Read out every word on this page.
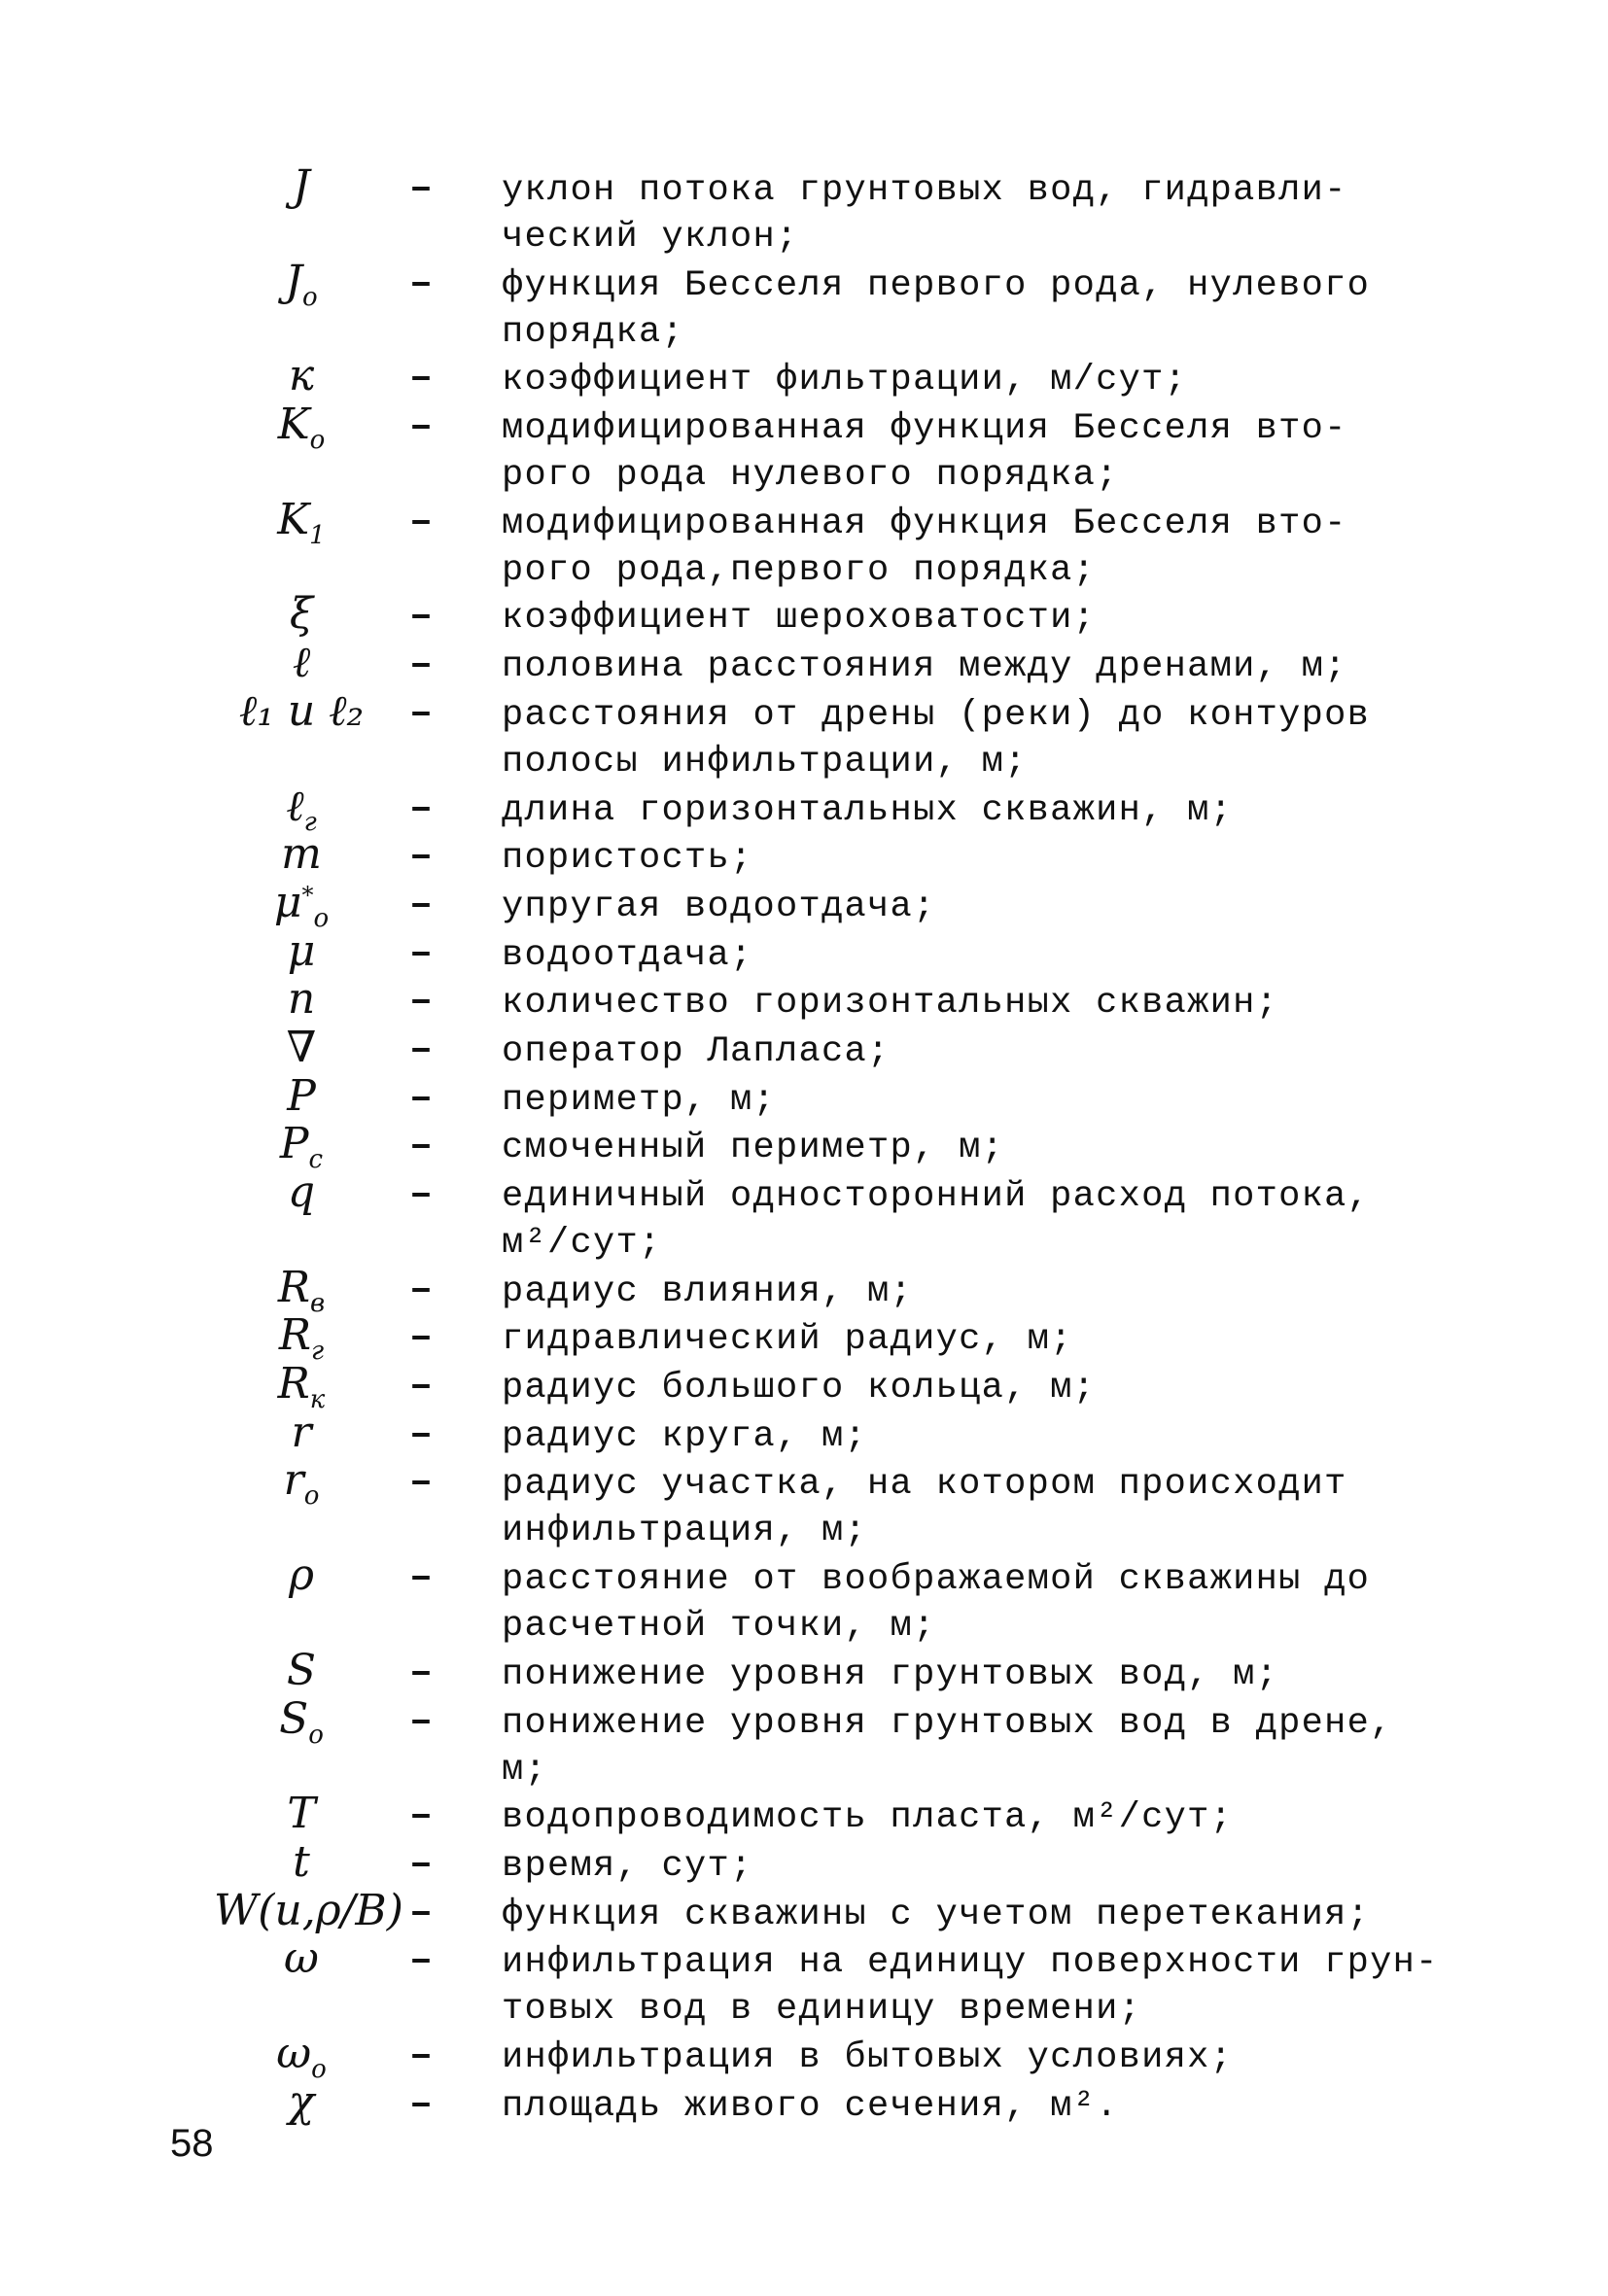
J	– уклон потока грунтовых вод, гидравли-
ческий уклон;
$J_o$	– функция Бесселя первого рода, нулевого
порядка;
к	– коэффициент фильтрации, м/сут;
$K_o$	– модифицированная функция Бесселя вто-
рого рода нулевого порядка;
$K_1$	– модифицированная функция Бесселя вто-
рого рода,первого порядка;
ξ	– коэффициент шероховатости;
ℓ	– половина расстояния между дренами, м;
ℓ₁ и ℓ₂	– расстояния от дрены (реки) до контуров
полосы инфильтрации, м;
ℓ$_г$	– длина горизонтальных скважин, м;
m	– пористость;
$\mu^*_o$	– упругая водоотдача;
μ	– водоотдача;
n	– количество горизонтальных скважин;
∇	– оператор Лапласа;
P	– периметр, м;
$P_c$	– смоченный периметр, м;
q	– единичный односторонний расход потока,
м²/сут;
$R_в$	– радиус влияния, м;
$R_г$	– гидравлический радиус, м;
$R_к$	– радиус большого кольца, м;
r	– радиус круга, м;
$r_o$	– радиус участка, на котором происходит
инфильтрация, м;
ρ	– расстояние от воображаемой скважины до
расчетной точки, м;
S	– понижение уровня грунтовых вод, м;
$S_o$	– понижение уровня грунтовых вод в дрене,
м;
T	– водопроводимость пласта, м²/сут;
t	– время, сут;
W(u,ρ/B) – функция скважины с учетом перетекания;
ω	– инфильтрация на единицу поверхности грун-
товых вод в единицу времени;
$\omega_o$	– инфильтрация в бытовых условиях;
χ	– площадь живого сечения, м².
58
